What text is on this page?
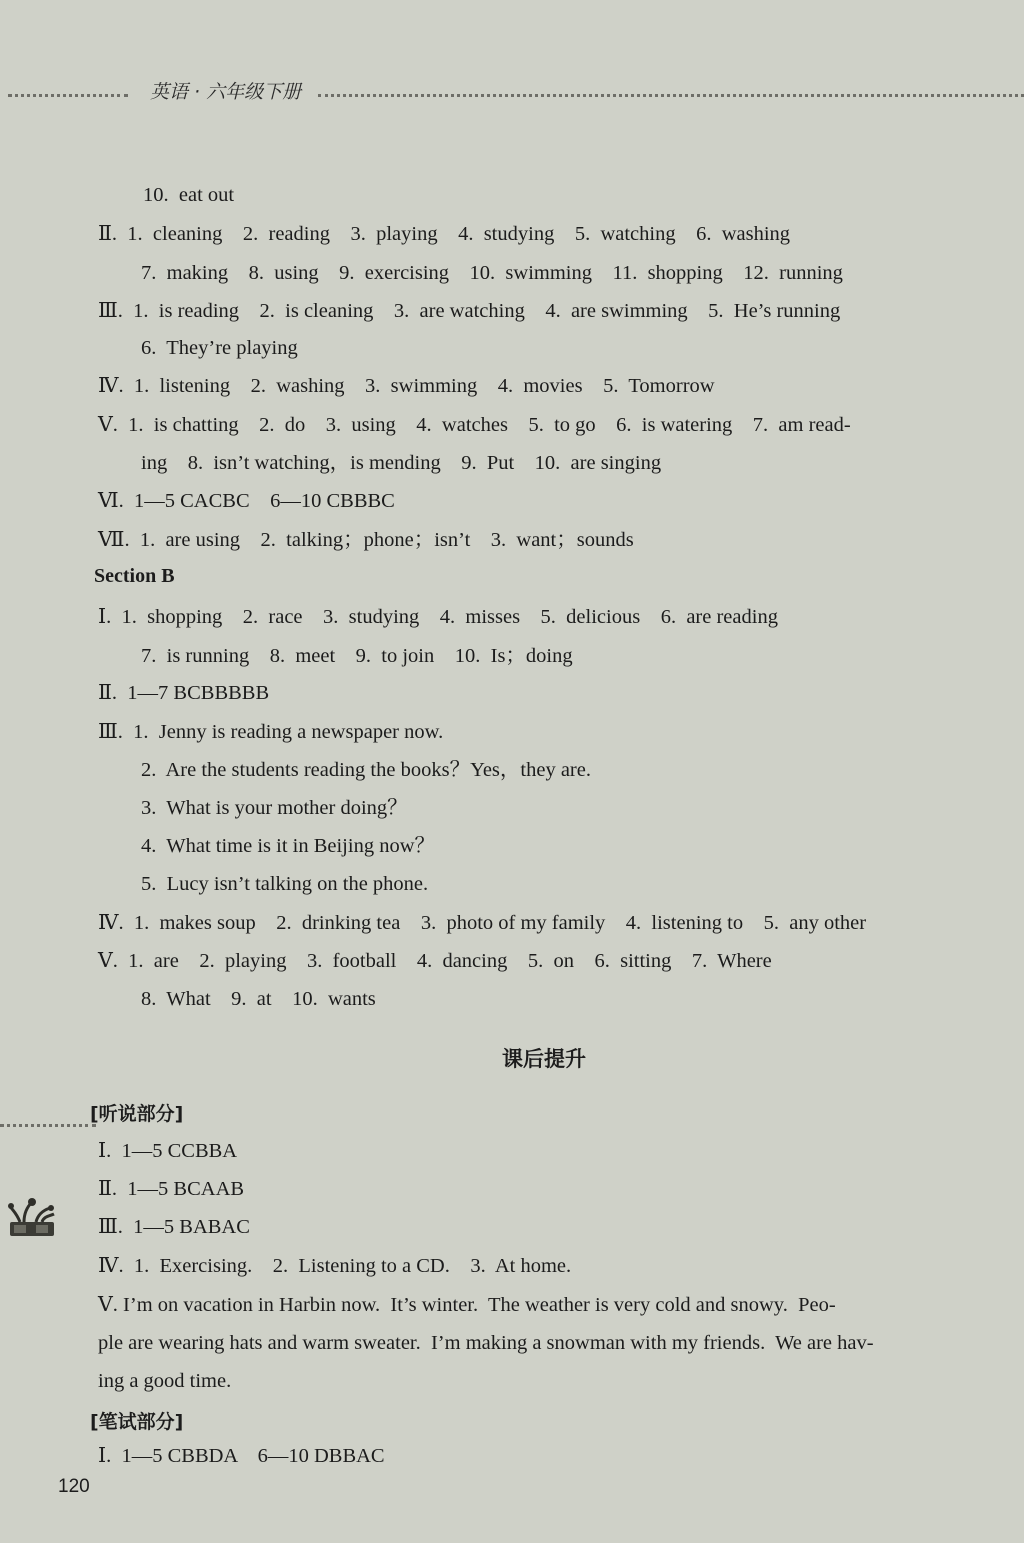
英语 · 六年级下册
10.  eat out
Ⅱ.  1.  cleaning    2.  reading    3.  playing    4.  studying    5.  watching    6.  washing
7.  making    8.  using    9.  exercising    10.  swimming    11.  shopping    12.  running
Ⅲ.  1.  is reading    2.  is cleaning    3.  are watching    4.  are swimming    5.  He’s running
6.  They’re playing
Ⅳ.  1.  listening    2.  washing    3.  swimming    4.  movies    5.  Tomorrow
Ⅴ.  1.  is chatting    2.  do    3.  using    4.  watches    5.  to go    6.  is watering    7.  am read-
ing    8.  isn’t watching，is mending    9.  Put    10.  are singing
Ⅵ.  1—5 CACBC    6—10 CBBBC
Ⅶ.  1.  are using    2.  talking；phone；isn’t    3.  want；sounds
Section B
Ⅰ.  1.  shopping    2.  race    3.  studying    4.  misses    5.  delicious    6.  are reading
7.  is running    8.  meet    9.  to join    10.  Is；doing
Ⅱ.  1—7 BCBBBBB
Ⅲ.  1.  Jenny is reading a newspaper now.
2.  Are the students reading the books？Yes，they are.
3.  What is your mother doing？
4.  What time is it in Beijing now？
5.  Lucy isn’t talking on the phone.
Ⅳ.  1.  makes soup    2.  drinking tea    3.  photo of my family    4.  listening to    5.  any other
Ⅴ.  1.  are    2.  playing    3.  football    4.  dancing    5.  on    6.  sitting    7.  Where
8.  What    9.  at    10.  wants
课后提升
[听说部分]
Ⅰ.  1—5 CCBBA
Ⅱ.  1—5 BCAAB
Ⅲ.  1—5 BABAC
Ⅳ.  1.  Exercising.    2.  Listening to a CD.    3.  At home.
Ⅴ. I’m on vacation in Harbin now.  It’s winter.  The weather is very cold and snowy.  Peo-
ple are wearing hats and warm sweater.  I’m making a snowman with my friends.  We are hav-
ing a good time.
[笔试部分]
Ⅰ.  1—5 CBBDA    6—10 DBBAC
120
